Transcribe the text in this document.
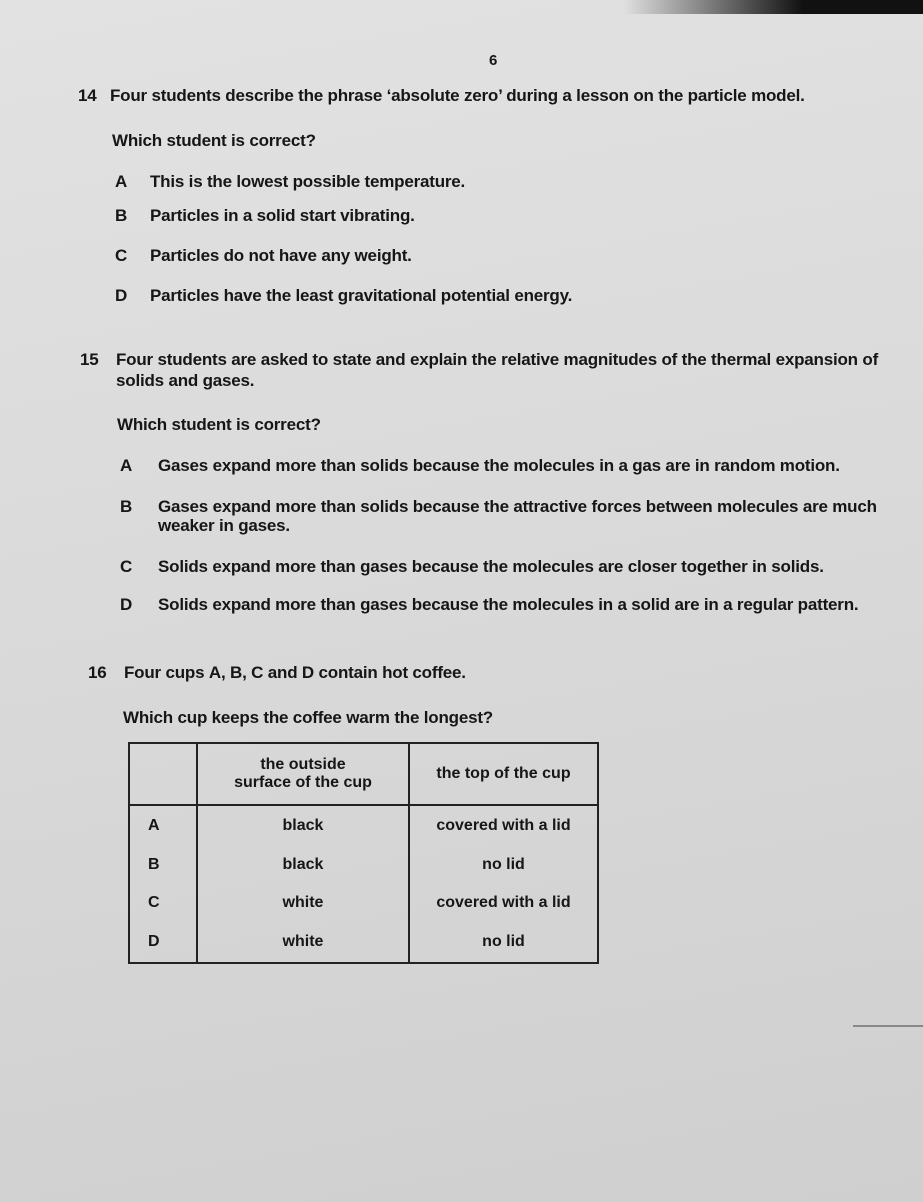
6
14 Four students describe the phrase ‘absolute zero’ during a lesson on the particle model.
Which student is correct?
A This is the lowest possible temperature.
B Particles in a solid start vibrating.
C Particles do not have any weight.
D Particles have the least gravitational potential energy.
15 Four students are asked to state and explain the relative magnitudes of the thermal expansion of
solids and gases.
Which student is correct?
A Gases expand more than solids because the molecules in a gas are in random motion.
B Gases expand more than solids because the attractive forces between molecules are much
weaker in gases.
C Solids expand more than gases because the molecules are closer together in solids.
D Solids expand more than gases because the molecules in a solid are in a regular pattern.
16 Four cups A, B, C and D contain hot coffee.
Which cup keeps the coffee warm the longest?

	the outside
surface of the cup	the top of the cup
A	black	covered with a lid
B	black	no lid
C	white	covered with a lid
D	white	no lid
